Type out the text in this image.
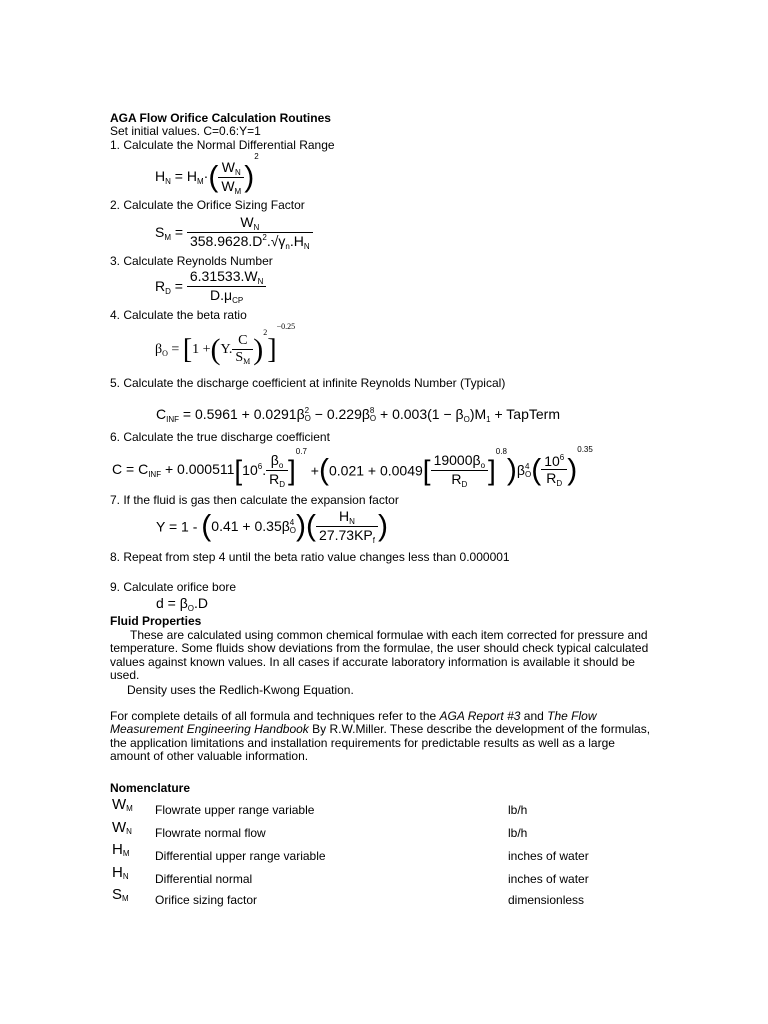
AGA Flow Orifice Calculation Routines
Set initial values. C=0.6:Y=1
1. Calculate the Normal Differential Range
$H_N = H_M\cdot( \frac{W_N}{W_M} )^2$
2. Calculate the Orifice Sizing Factor
$S_M = \frac{W_N}{358.9628.D^2.√\gamma_n.H_N}$
3. Calculate Reynolds Number
$R_D = \frac{6.31533.W_N}{D.\mu_{CP}}$
4. Calculate the beta ratio
$\beta_O = [1 +(Y$. $\frac{C}{S_M} )^2]^{-0.25}$
5. Calculate the discharge coefficient at infinite Reynolds Number (Typical)
$C_{INF} = 0.5961 + 0.0291\beta$ 2
O − 0.229β 8
$O + 0.003(1 - \beta_O)M_1$ + TapTerm
6. Calculate the true discharge coefficient
$C = C_{INF} + 0.000511[10^6$. $\frac{\beta_o}{R_D} ]^{0.7} +(0.021 + 0.0049[ \frac{19000\beta_o}{R_D} ]^{0.8})\beta$ 4
O ( $\frac{10^6}{R_D} )^{0.35}$
7. If the fluid is gas then calculate the expansion factor
Y = 1 - (0.41 + 0.35β 4
O )( $\frac{H_N}{27.73KP_f}$ )
8. Repeat from step 4 until the beta ratio value changes less than 0.000001
9. Calculate orifice bore
$d = \beta_O.D$
Fluid Properties

These are calculated using common chemical formulae with each item corrected for pressure and temperature. Some fluids show deviations from the formulae, the user should check typical calculated values against known values. In all cases if accurate laboratory information is available it should be used.

Density uses the Redlich-Kwong Equation.
For complete details of all formula and techniques refer to the AGA Report #3 and The Flow Measurement Engineering Handbook By R.W.Miller. These describe the development of the formulas, the application limitations and installation requirements for predictable results as well as a large amount of other valuable information.
Nomenclature
$W_M$ Flowrate upper range variable	lb/h
$W_N$ Flowrate normal flow	lb/h
$H_M$ Differential upper range variable	inches of water
$H_N$ Differential normal	inches of water
$S_M$ Orifice sizing factor	dimensionless
